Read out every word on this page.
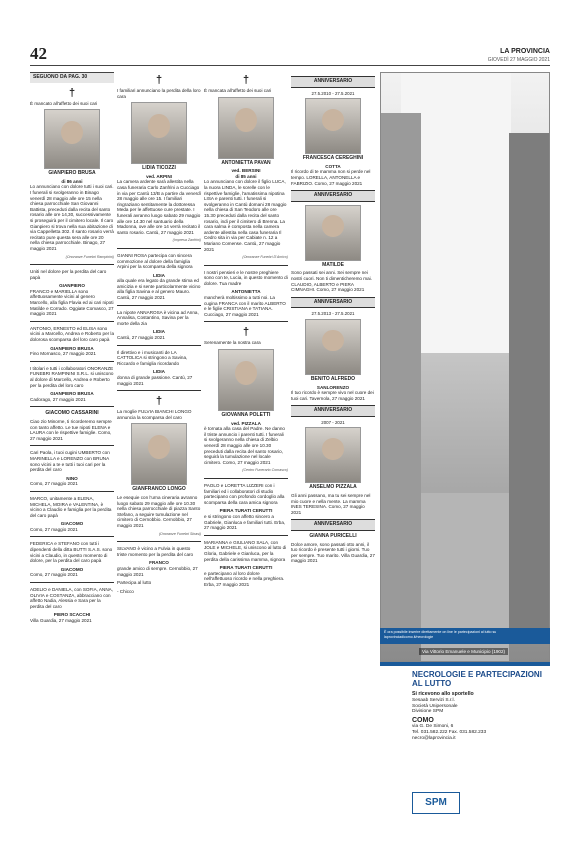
42	LA PROVINCIA
GIOVEDÌ 27 MAGGIO 2021
SEGUONO DA PAG. 30
†

È mancato all'affetto dei suoi cari

GIANPIERO BRUSA
di 86 anni

Lo annunciano con dolore tutti i suoi cari. I funerali si svolgeranno in Binago venerdì 28 maggio alle ore 15 nella chiesa parrocchiale San Giovanni Battista, preceduti dalla recita del santo rosario alle ore 14,30, successivamente si proseguirà per il cimitero locale. Il caro Gianpiero si trova nella sua abitazione di via Cappelletta 302. Il santo rosario verrà recitato pure questa sera alle ore 20 nella chiesa parrocchiale. Binago, 27 maggio 2021

(Onoranze Funebri Rampinini)

Uniti nel dolore per la perdita del caro papà

GIANPIERO

FRANCO e MARIELLA sono affettuosamente vicini al genero Marcello, alla figlia Flavia ed ai cari nipoti Matilde e Corrado. Oggiate Comasco, 27 maggio 2021

ANTONIO, ERNESTO ed ELISA sono vicini a Marcello, Andrea e Roberto per la dolorosa scomparsa del loro caro papà

GIANPIERO BRUSA

Fino Mornasco, 27 maggio 2021

I titolari e tutti i collaboratori ONORANZE FUNEBRI RAMPININI S.R.L. si uniscono al dolore di Marcello, Andrea e Roberto per la perdita del loro caro

GIANPIERO BRUSA

Cadorago, 27 maggio 2021

GIACOMO CASSARINI

Ciao zio Minorne, ti ricorderemo sempre con tanto affetto. Le tue nipoti ELENA e LAURA con le rispettive famiglie. Como, 27 maggio 2021

Cari Paola, i tuoi cugini UMBERTO con MARINELLA e LORENZO con BRUNA sono vicini a te e tutti i tuoi cari per la perdita del caro

NINO

Como, 27 maggio 2021

MARCO, unitamente a ELENA, MICHELA, MOIRA e VALENTINA, è vicino a Claudio e famiglia per la perdita del caro papà

GIACOMO

Como, 27 maggio 2021

FEDERICA e STEFANO con tutti i dipendenti della ditta BUTTI S.A.S. sono vicini a Claudio, in questo momento di dolore, per la perdita del caro papà

GIACOMO

Como, 27 maggio 2021

ADELIO e DANIELA, con SOFIA, ANNA, OLIVIA e COSTANZA, abbracciano con affetto Nadia, Alessia e Sara per la perdita del caro

PIERO SCACCHI

Villa Guardia, 27 maggio 2021

†

I familiari annunciano la perdita della loro cara

LIDIA TICOZZI
ved. ARPINI

La camera ardente sarà allestita nella casa funeraria Carlo Zanfrini a Cucciago in via per Cantù 13/B a partire da venerdì 28 maggio alle ore 15. I familiari ringraziano sentitamente la dottoressa Meda per le affettuose cure prestate. I funerali avranno luogo sabato 29 maggio alle ore 14.30 nel santuario della Madonna, ove alle ore 14 verrà recitato il santo rosario. Cantù, 27 maggio 2021

(Impresa Zanfrini)

GIANNI ROSA partecipa con sincera commozione al dolore della famiglia Arpini per la scomparsa della signora

LIDIA

alla quale era legato da grande stima ed amicizia e si sente particolarmente vicino alla figlia Savina e al genero Mauro. Cantù, 27 maggio 2021

La nipote ANNAROSA è vicina ad Anna, Annalisa, Costantino, Savina per la morte della zia

LIDIA

Cantù, 27 maggio 2021

Il direttivo e i musicanti de LA CATTOLICA si stringono a Savina, Riccardo e famiglia ricordando

LIDIA

donna di grande passione. Cantù, 27 maggio 2021

†

La moglie FULVIA BIANCHI LONGO annuncia la scomparsa del caro

GIANFRANCO LONGO

Le esequie con l'urna cineraria avranno luogo sabato 29 maggio alle ore 10.30 nella chiesa parrocchiale di piazza Santo Stefano, a seguire tumulazione nel cimitero di Cernobbio. Cernobbio, 27 maggio 2021

(Onoranze Funebri Sinasi)

SILVANO è vicino a Fulvia in questo triste momento per la perdita del caro

FRANCO

grande amico di sempre. Cernobbio, 27 maggio 2021

Partecipa al lutto

- Chicco

†

È mancata all'affetto dei suoi cari

ANTONIETTA PAVAN
ved. BERSINI
di 85 anni

Lo annunciano con dolore il figlio LUCA, la nuora LINDA, le sorelle con le rispettive famiglie, l'amatissima nipotina LISA e parenti tutti. I funerali si svolgeranno in Cantù domani 28 maggio nella chiesa di San Teodoro alle ore 15.30 preceduti dalla recita del santo rosario, indi per il cimitero di Brenna. La cara salma è composta nella camera ardente allestita nella casa funeraria Il Cedro sita in via per Cabiate n. 12 a Mariano Comense. Cantù, 27 maggio 2021

(Onoranze Funebri D'Amico)

I nostri pensieri e le nostre preghiere sono con te, Lucia, in questo momento di dolore. Tua madre

ANTONIETTA

mancherà moltissimo a tutti noi. La cugina FRANCA con il marito ALBERTO e le figlie CRISTIANA e TATIANA. Cucciago, 27 maggio 2021

†

Serenamente la nostra cara

GIOVANNA POLETTI
ved. PIZZALA

è tornata alla casa del Padre. Ne danno il triste annuncio i parenti tutti. I funerali si svolgeranno nella chiesa di Zelbio venerdì 28 maggio alle ore 10.30 preceduti dalla recita del santo rosario, seguirà la tumulazione nel locale cimitero. Como, 27 maggio 2021

(Centro Funerario Comasco)

PAOLO e LORETTA LIZZERI con i familiari ed i collaboratori di studio partecipano con profondo cordoglio alla scomparsa della cara amica signora

PIERA TURATI CERUTTI

e si stringono con affetto sincero a Gabriele, Gianluca e familiari tutti. Erba, 27 maggio 2021

MARIANNA e GIULIANO SALA, con JOLE e MICHELE, si uniscono al lutto di Gloria, Gabriele e Gianluca, per la perdita della carissima mamma, signora

PIERA TURATI CERUTTI

e partecipano al loro dolore nell'affettuoso ricordo e nella preghiera. Erba, 27 maggio 2021

ANNIVERSARIO
27.5.2010 - 27.5.2021
FRANCESCA CEREGHINI
COTTA

Il ricordo di te mamma non si perde nel tempo. LORELLA, ANTONELLA e FABRIZIO. Como, 27 maggio 2021

ANNIVERSARIO
MATILDE

Sono passati sei anni. Sei sempre nei nostri cuori. Non ti dimenticheremo mai. CLAUDIO, ALBERTO e PIERA CIMNAGHI. Como, 27 maggio 2021

ANNIVERSARIO
27.5.2013 - 27.5.2021
BENITO ALFREDO
SANLORENZO

Il tuo ricordo è sempre vivo nel cuore dei tuoi cari. Tavernola, 27 maggio 2021

ANNIVERSARIO
2007 - 2021
ANSELMO PIZZALA

Gli anni passano, ma tu sei sempre nel mio cuore e nella mente. La mamma INES TERESINA. Como, 27 maggio 2021

ANNIVERSARIO
GIANNA PURICELLI

Dolce amore, sono passati otto anni, il tuo ricordo è presente tutti i giorni. Tuo per sempre. Tuo marito. Villa Guardia, 27 maggio 2021

Via Vittorio Emanuele e Municipio (1902)
È ora possibile inserire direttamente on line le partecipazioni al lutto su laprovinciadicomo.it/necrologie
NECROLOGIE E PARTECIPAZIONI AL LUTTO
Si ricevono allo sportello
Sesaab Servizi S.r.l.
Società Unipersonale
Divisione SPM
COMO
via G. De Simoni, 6
Tel. 031.582.222 Fax. 031.582.233
necro@laprovincia.it
SPM
